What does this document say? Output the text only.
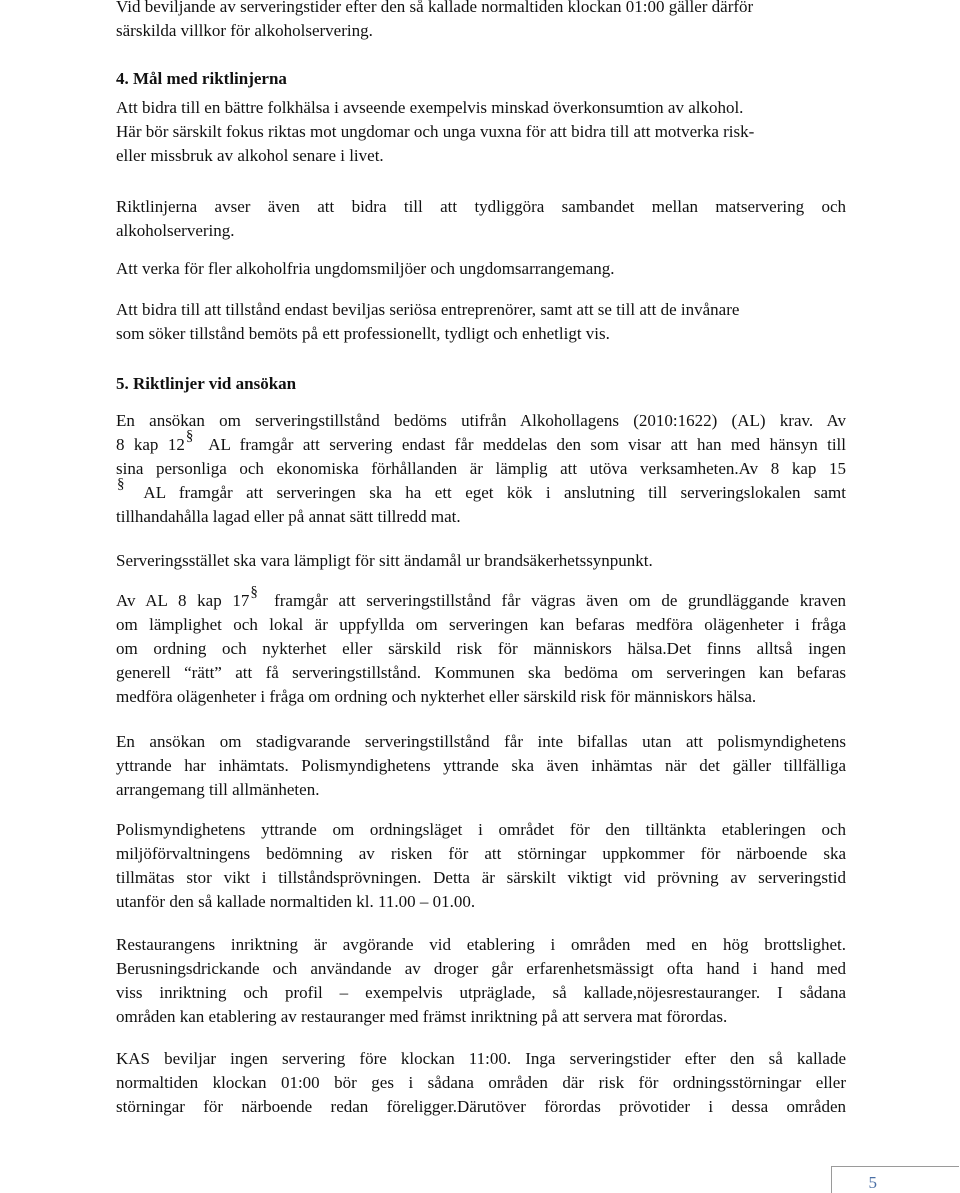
Vid beviljande av serveringstider efter den så kallade normaltiden klockan 01:00 gäller därför
särskilda villkor för alkoholservering.
4. Mål med riktlinjerna
Att bidra till en bättre folkhälsa i avseende exempelvis minskad överkonsumtion av alkohol.
Här bör särskilt fokus riktas mot ungdomar och unga vuxna för att bidra till att motverka risk-
eller missbruk av alkohol senare i livet.
Riktlinjerna avser även att bidra till att tydliggöra sambandet mellan matservering och
alkoholservering.
Att verka för fler alkoholfria ungdomsmiljöer och ungdomsarrangemang.
Att bidra till att tillstånd endast beviljas seriösa entreprenörer, samt att se till att de invånare
som söker tillstånd bemöts på ett professionellt, tydligt och enhetligt vis.
5. Riktlinjer vid ansökan
En ansökan om serveringstillstånd bedöms utifrån Alkohollagens (2010:1622) (AL) krav. Av
8 kap 12 § AL framgår att servering endast får meddelas den som visar att han med hänsyn till
sina personliga och ekonomiska förhållanden är lämplig att utöva verksamheten.Av 8 kap 15
§ AL framgår att serveringen ska ha ett eget kök i anslutning till serveringslokalen samt
tillhandahålla lagad eller på annat sätt tillredd mat.
Serveringsstället ska vara lämpligt för sitt ändamål ur brandsäkerhetssynpunkt.
Av AL 8 kap 17 § framgår att serveringstillstånd får vägras även om de grundläggande kraven
om lämplighet och lokal är uppfyllda om serveringen kan befaras medföra olägenheter i fråga
om ordning och nykterhet eller särskild risk för människors hälsa.Det finns alltså ingen
generell “rätt” att få serveringstillstånd. Kommunen ska bedöma om serveringen kan befaras
medföra olägenheter i fråga om ordning och nykterhet eller särskild risk för människors hälsa.
En ansökan om stadigvarande serveringstillstånd får inte bifallas utan att polismyndighetens
yttrande har inhämtats. Polismyndighetens yttrande ska även inhämtas när det gäller tillfälliga
arrangemang till allmänheten.
Polismyndighetens yttrande om ordningsläget i området för den tilltänkta etableringen och
miljöförvaltningens bedömning av risken för att störningar uppkommer för närboende ska
tillmätas stor vikt i tillståndsprövningen. Detta är särskilt viktigt vid prövning av serveringstid
utanför den så kallade normaltiden kl. 11.00 – 01.00.
Restaurangens inriktning är avgörande vid etablering i områden med en hög brottslighet.
Berusningsdrickande och användande av droger går erfarenhetsmässigt ofta hand i hand med
viss inriktning och profil – exempelvis utpräglade, så kallade,nöjesrestauranger. I sådana
områden kan etablering av restauranger med främst inriktning på att servera mat förordas.
KAS beviljar ingen servering före klockan 11:00. Inga serveringstider efter den så kallade
normaltiden klockan 01:00 bör ges i sådana områden där risk för ordningsstörningar eller
störningar för närboende redan föreligger.Därutöver förordas prövotider i dessa områden
5
